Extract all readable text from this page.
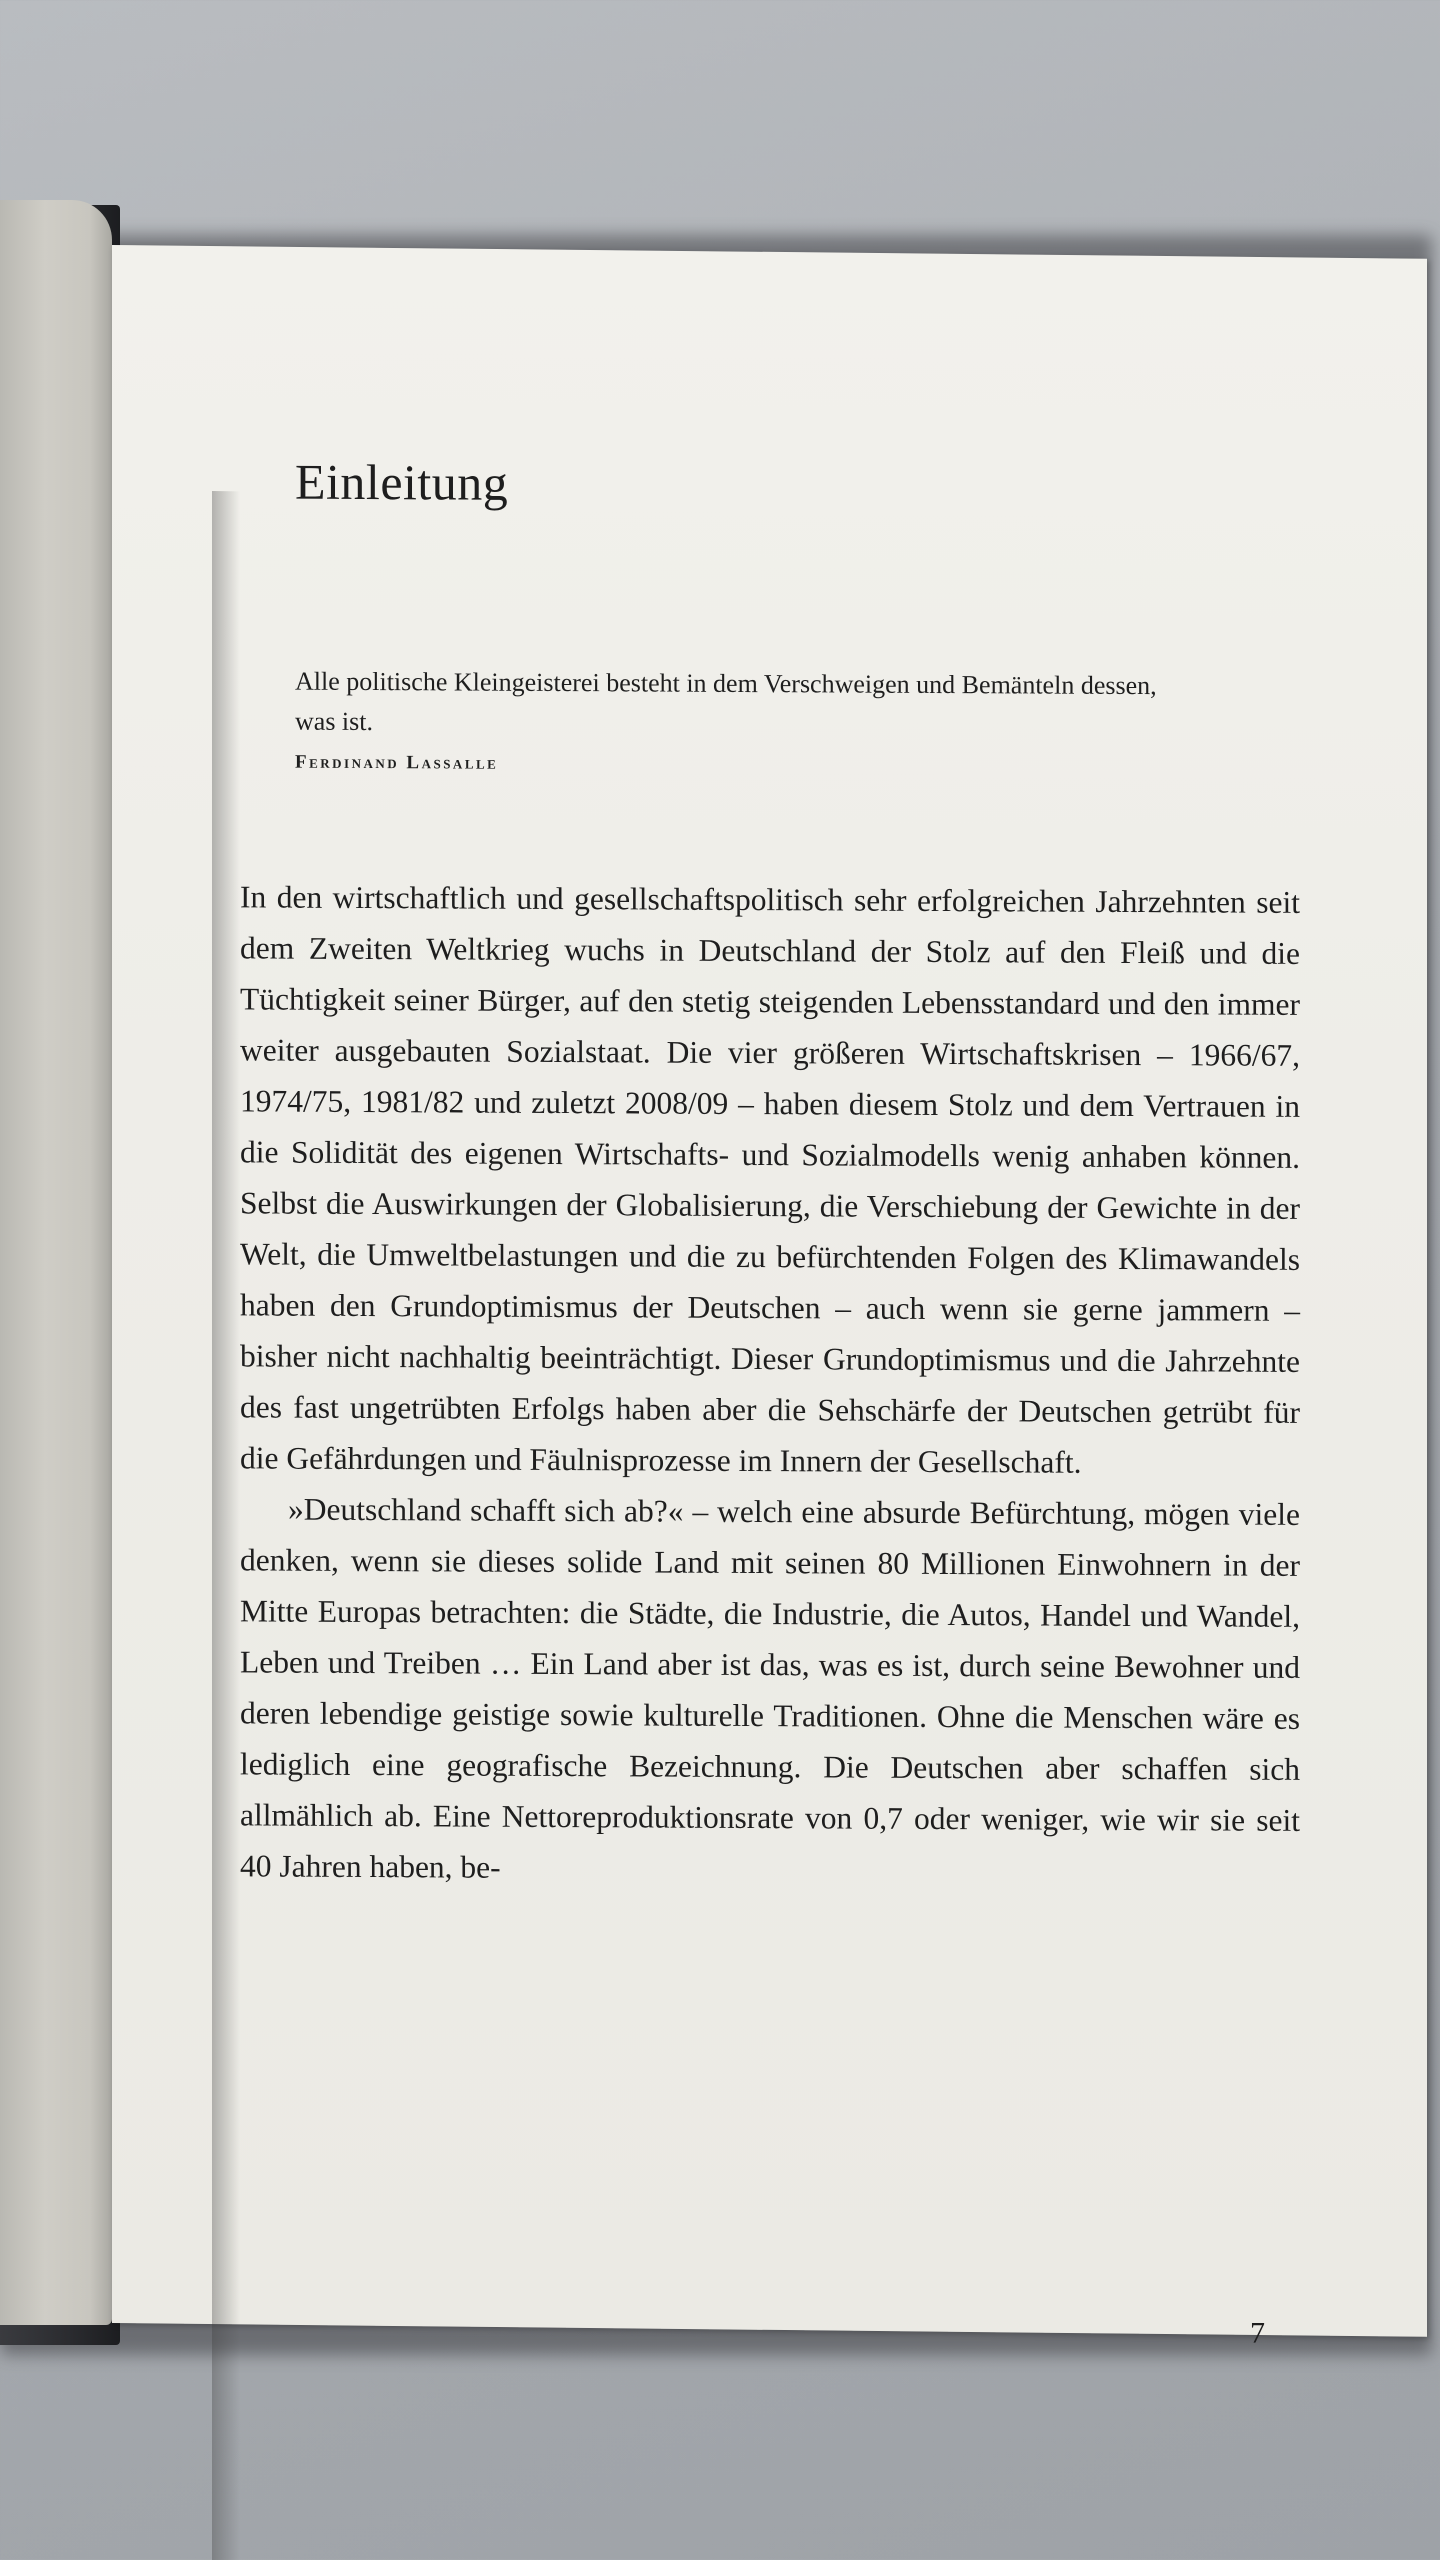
Einleitung

Alle politische Kleingeisterei besteht in dem Verschweigen und Bemänteln dessen, was ist.

Ferdinand Lassalle

In den wirtschaftlich und gesellschaftspolitisch sehr erfolgreichen Jahrzehnten seit dem Zweiten Weltkrieg wuchs in Deutschland der Stolz auf den Fleiß und die Tüchtigkeit seiner Bürger, auf den stetig steigenden Lebensstandard und den immer weiter ausgebauten Sozialstaat. Die vier größeren Wirtschaftskrisen – 1966/67, 1974/75, 1981/82 und zuletzt 2008/09 – haben diesem Stolz und dem Vertrauen in die Solidität des eigenen Wirtschafts- und Sozialmodells wenig anhaben können. Selbst die Auswirkungen der Globalisierung, die Verschiebung der Gewichte in der Welt, die Umweltbelastungen und die zu befürchtenden Folgen des Klimawandels haben den Grundoptimismus der Deutschen – auch wenn sie gerne jammern – bisher nicht nachhaltig beeinträchtigt. Dieser Grundoptimismus und die Jahrzehnte des fast ungetrübten Erfolgs haben aber die Sehschärfe der Deutschen getrübt für die Gefährdungen und Fäulnisprozesse im Innern der Gesellschaft.

»Deutschland schafft sich ab?« – welch eine absurde Befürchtung, mögen viele denken, wenn sie dieses solide Land mit seinen 80 Millionen Einwohnern in der Mitte Europas betrachten: die Städte, die Industrie, die Autos, Handel und Wandel, Leben und Treiben … Ein Land aber ist das, was es ist, durch seine Bewohner und deren lebendige geistige sowie kulturelle Traditionen. Ohne die Menschen wäre es lediglich eine geografische Bezeichnung. Die Deutschen aber schaffen sich allmählich ab. Eine Nettoreproduktionsrate von 0,7 oder weniger, wie wir sie seit 40 Jahren haben, be-

7
